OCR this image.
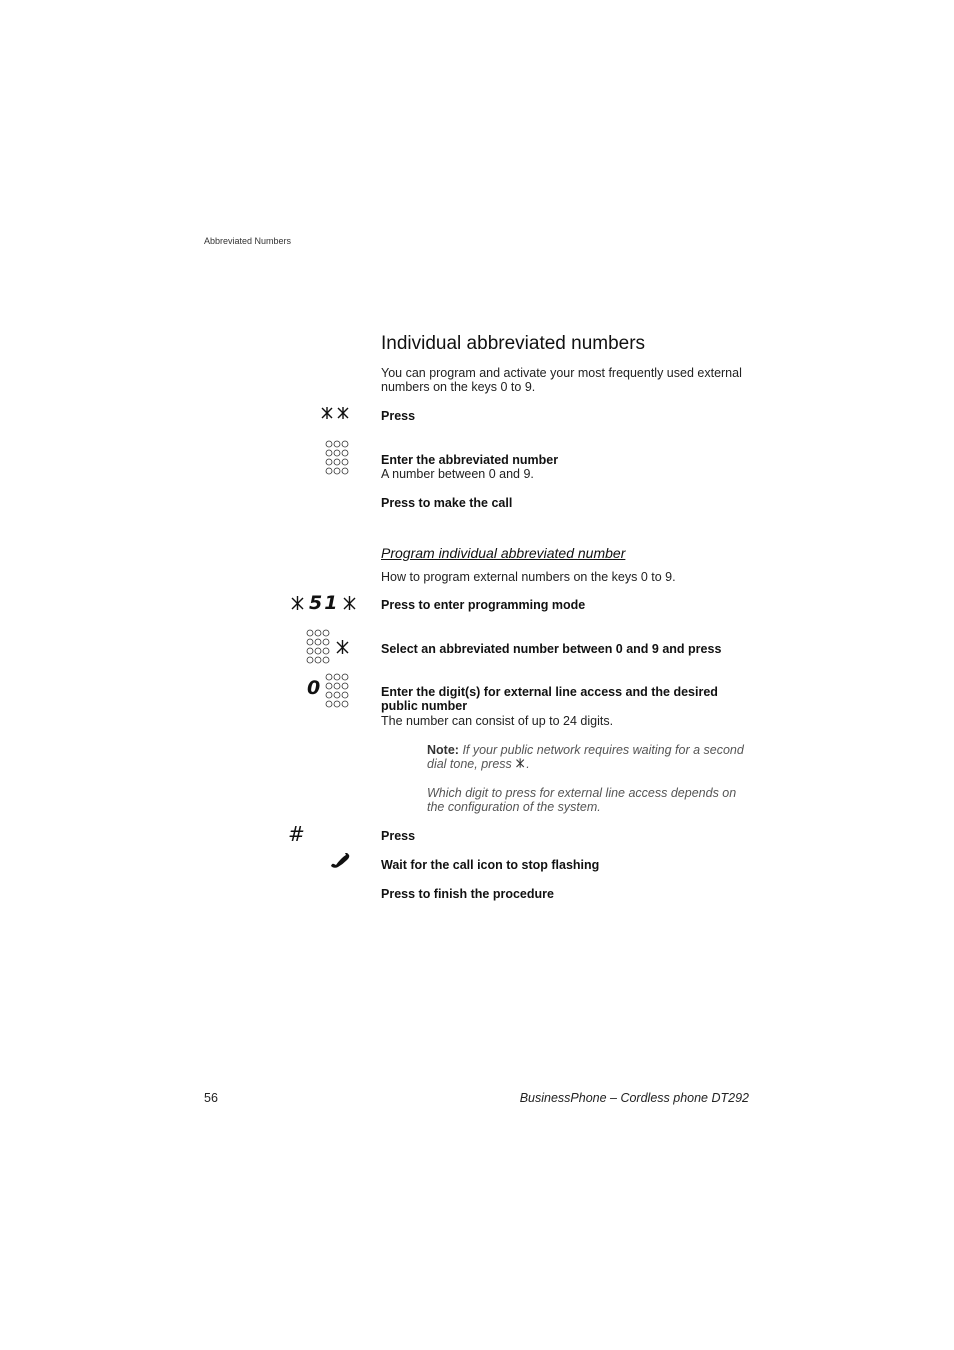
Abbreviated Numbers
Individual abbreviated numbers
You can program and activate your most frequently used external numbers on the keys 0 to 9.
Press
Enter the abbreviated number
A number between 0 and 9.
Press to make the call
Program individual abbreviated number
How to program external numbers on the keys 0 to 9.
51	Press to enter programming mode
Select an abbreviated number between 0 and 9 and press
0	Enter the digit(s) for external line access and the desired public number
The number can consist of up to 24 digits.
Note: If your public network requires waiting for a second dial tone, press .
Which digit to press for external line access depends on the configuration of the system.
#	Press
Wait for the call icon to stop flashing
Press to finish the procedure
56	BusinessPhone – Cordless phone DT292
